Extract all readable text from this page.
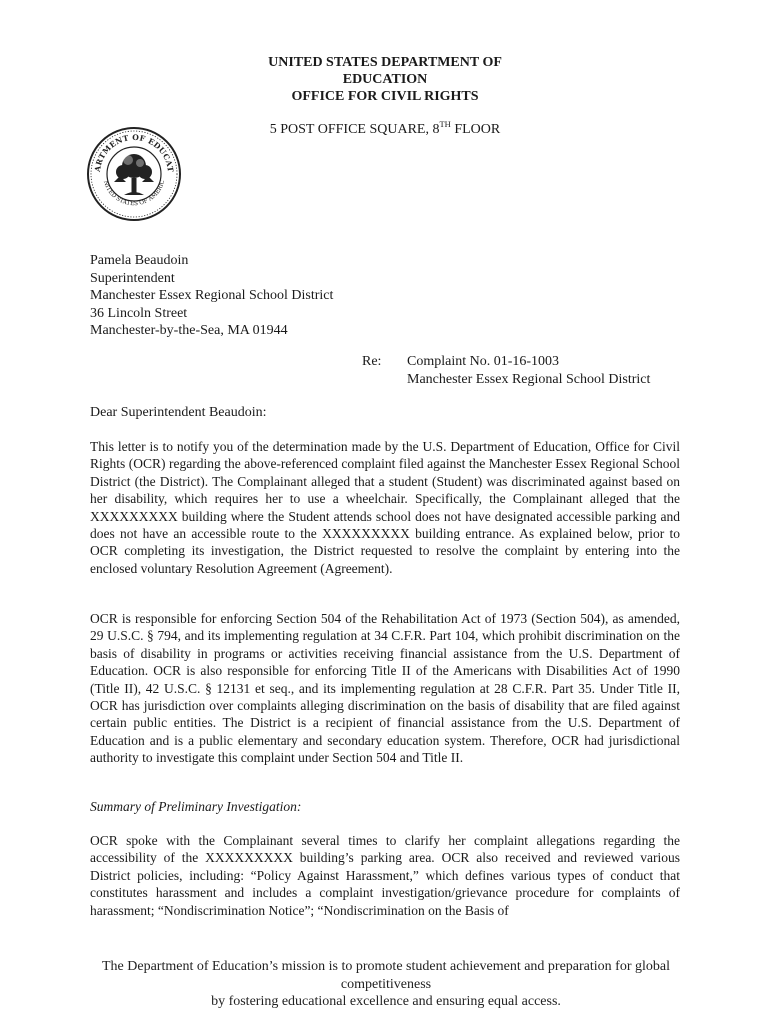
UNITED STATES DEPARTMENT OF
EDUCATION
OFFICE FOR CIVIL RIGHTS
5 POST OFFICE SQUARE, 8TH FLOOR
ARTMENT OF EDUCAT
NITED STATES OF AMERIC
Pamela Beaudoin
Superintendent
Manchester Essex Regional School District
36 Lincoln Street
Manchester-by-the-Sea, MA 01944
Re: Complaint No. 01-16-1003
Manchester Essex Regional School District
Dear Superintendent Beaudoin:

This letter is to notify you of the determination made by the U.S. Department of Education, Office for Civil Rights (OCR) regarding the above-referenced complaint filed against the Manchester Essex Regional School District (the District). The Complainant alleged that a student (Student) was discriminated against based on her disability, which requires her to use a wheelchair. Specifically, the Complainant alleged that the XXXXXXXXX building where the Student attends school does not have designated accessible parking and does not have an accessible route to the XXXXXXXXX building entrance. As explained below, prior to OCR completing its investigation, the District requested to resolve the complaint by entering into the enclosed voluntary Resolution Agreement (Agreement).

OCR is responsible for enforcing Section 504 of the Rehabilitation Act of 1973 (Section 504), as amended, 29 U.S.C. § 794, and its implementing regulation at 34 C.F.R. Part 104, which prohibit discrimination on the basis of disability in programs or activities receiving financial assistance from the U.S. Department of Education. OCR is also responsible for enforcing Title II of the Americans with Disabilities Act of 1990 (Title II), 42 U.S.C. § 12131 et seq., and its implementing regulation at 28 C.F.R. Part 35. Under Title II, OCR has jurisdiction over complaints alleging discrimination on the basis of disability that are filed against certain public entities. The District is a recipient of financial assistance from the U.S. Department of Education and is a public elementary and secondary education system. Therefore, OCR had jurisdictional authority to investigate this complaint under Section 504 and Title II.

Summary of Preliminary Investigation:

OCR spoke with the Complainant several times to clarify her complaint allegations regarding the accessibility of the XXXXXXXXX building’s parking area. OCR also received and reviewed various District policies, including: “Policy Against Harassment,” which defines various types of conduct that constitutes harassment and includes a complaint investigation/grievance procedure for complaints of harassment; “Nondiscrimination Notice”; “Nondiscrimination on the Basis of

The Department of Education’s mission is to promote student achievement and preparation for global
competitiveness
by fostering educational excellence and ensuring equal access.
